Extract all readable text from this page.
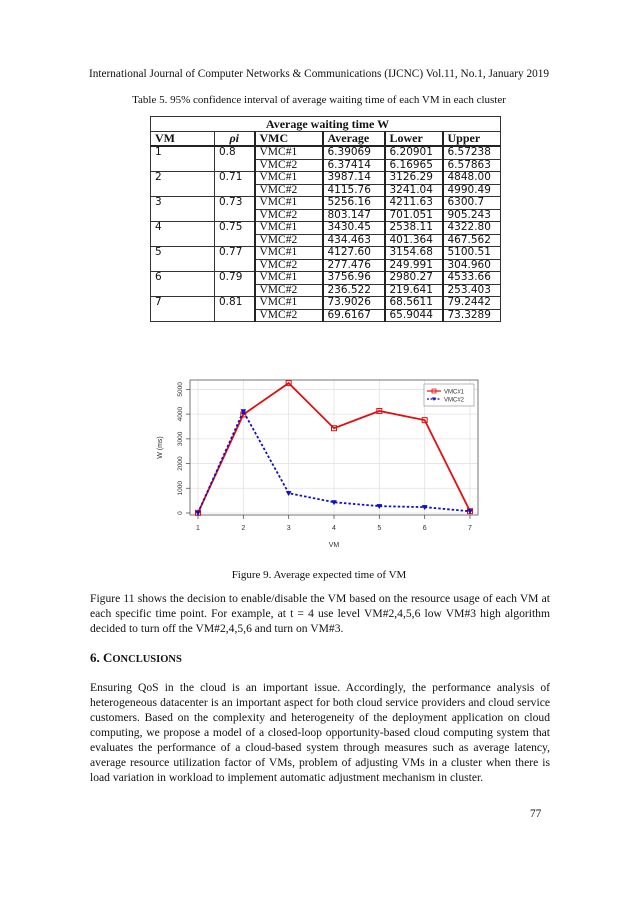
International Journal of Computer Networks & Communications (IJCNC) Vol.11, No.1, January 2019
Table 5. 95% confidence interval of average waiting time of each VM in each cluster
Average waiting time W					
VM	ρi	VMC	Average	Lower	Upper
1	0.8	VMC#1	6.39069	6.20901	6.57238
		VMC#2	6.37414	6.16965	6.57863
2	0.71	VMC#1	3987.14	3126.29	4848.00
		VMC#2	4115.76	3241.04	4990.49
3	0.73	VMC#1	5256.16	4211.63	6300.7
		VMC#2	803.147	701.051	905.243
4	0.75	VMC#1	3430.45	2538.11	4322.80
		VMC#2	434.463	401.364	467.562
5	0.77	VMC#1	4127.60	3154.68	5100.51
		VMC#2	277.476	249.991	304.960
6	0.79	VMC#1	3756.96	2980.27	4533.66
		VMC#2	236.522	219.641	253.403
7	0.81	VMC#1	73.9026	68.5611	79.2442
		VMC#2	69.6167	65.9044	73.3289
1	2	3	4	5	6	7
0
1000
2000
3000
4000
5000
VM
W (ms)
VMC#1
VMC#2
Figure 9. Average expected time of VM
Figure 11 shows the decision to enable/disable the VM based on the resource usage of each VM at each specific time point. For example, at t = 4 use level VM#2,4,5,6 low VM#3 high algorithm decided to turn off the VM#2,4,5,6 and turn on VM#3.
6. CONCLUSIONS
Ensuring QoS in the cloud is an important issue. Accordingly, the performance analysis of heterogeneous datacenter is an important aspect for both cloud service providers and cloud service customers. Based on the complexity and heterogeneity of the deployment application on cloud computing, we propose a model of a closed-loop opportunity-based cloud computing system that evaluates the performance of a cloud-based system through measures such as average latency, average resource utilization factor of VMs, problem of adjusting VMs in a cluster when there is load variation in workload to implement automatic adjustment mechanism in cluster.
77
